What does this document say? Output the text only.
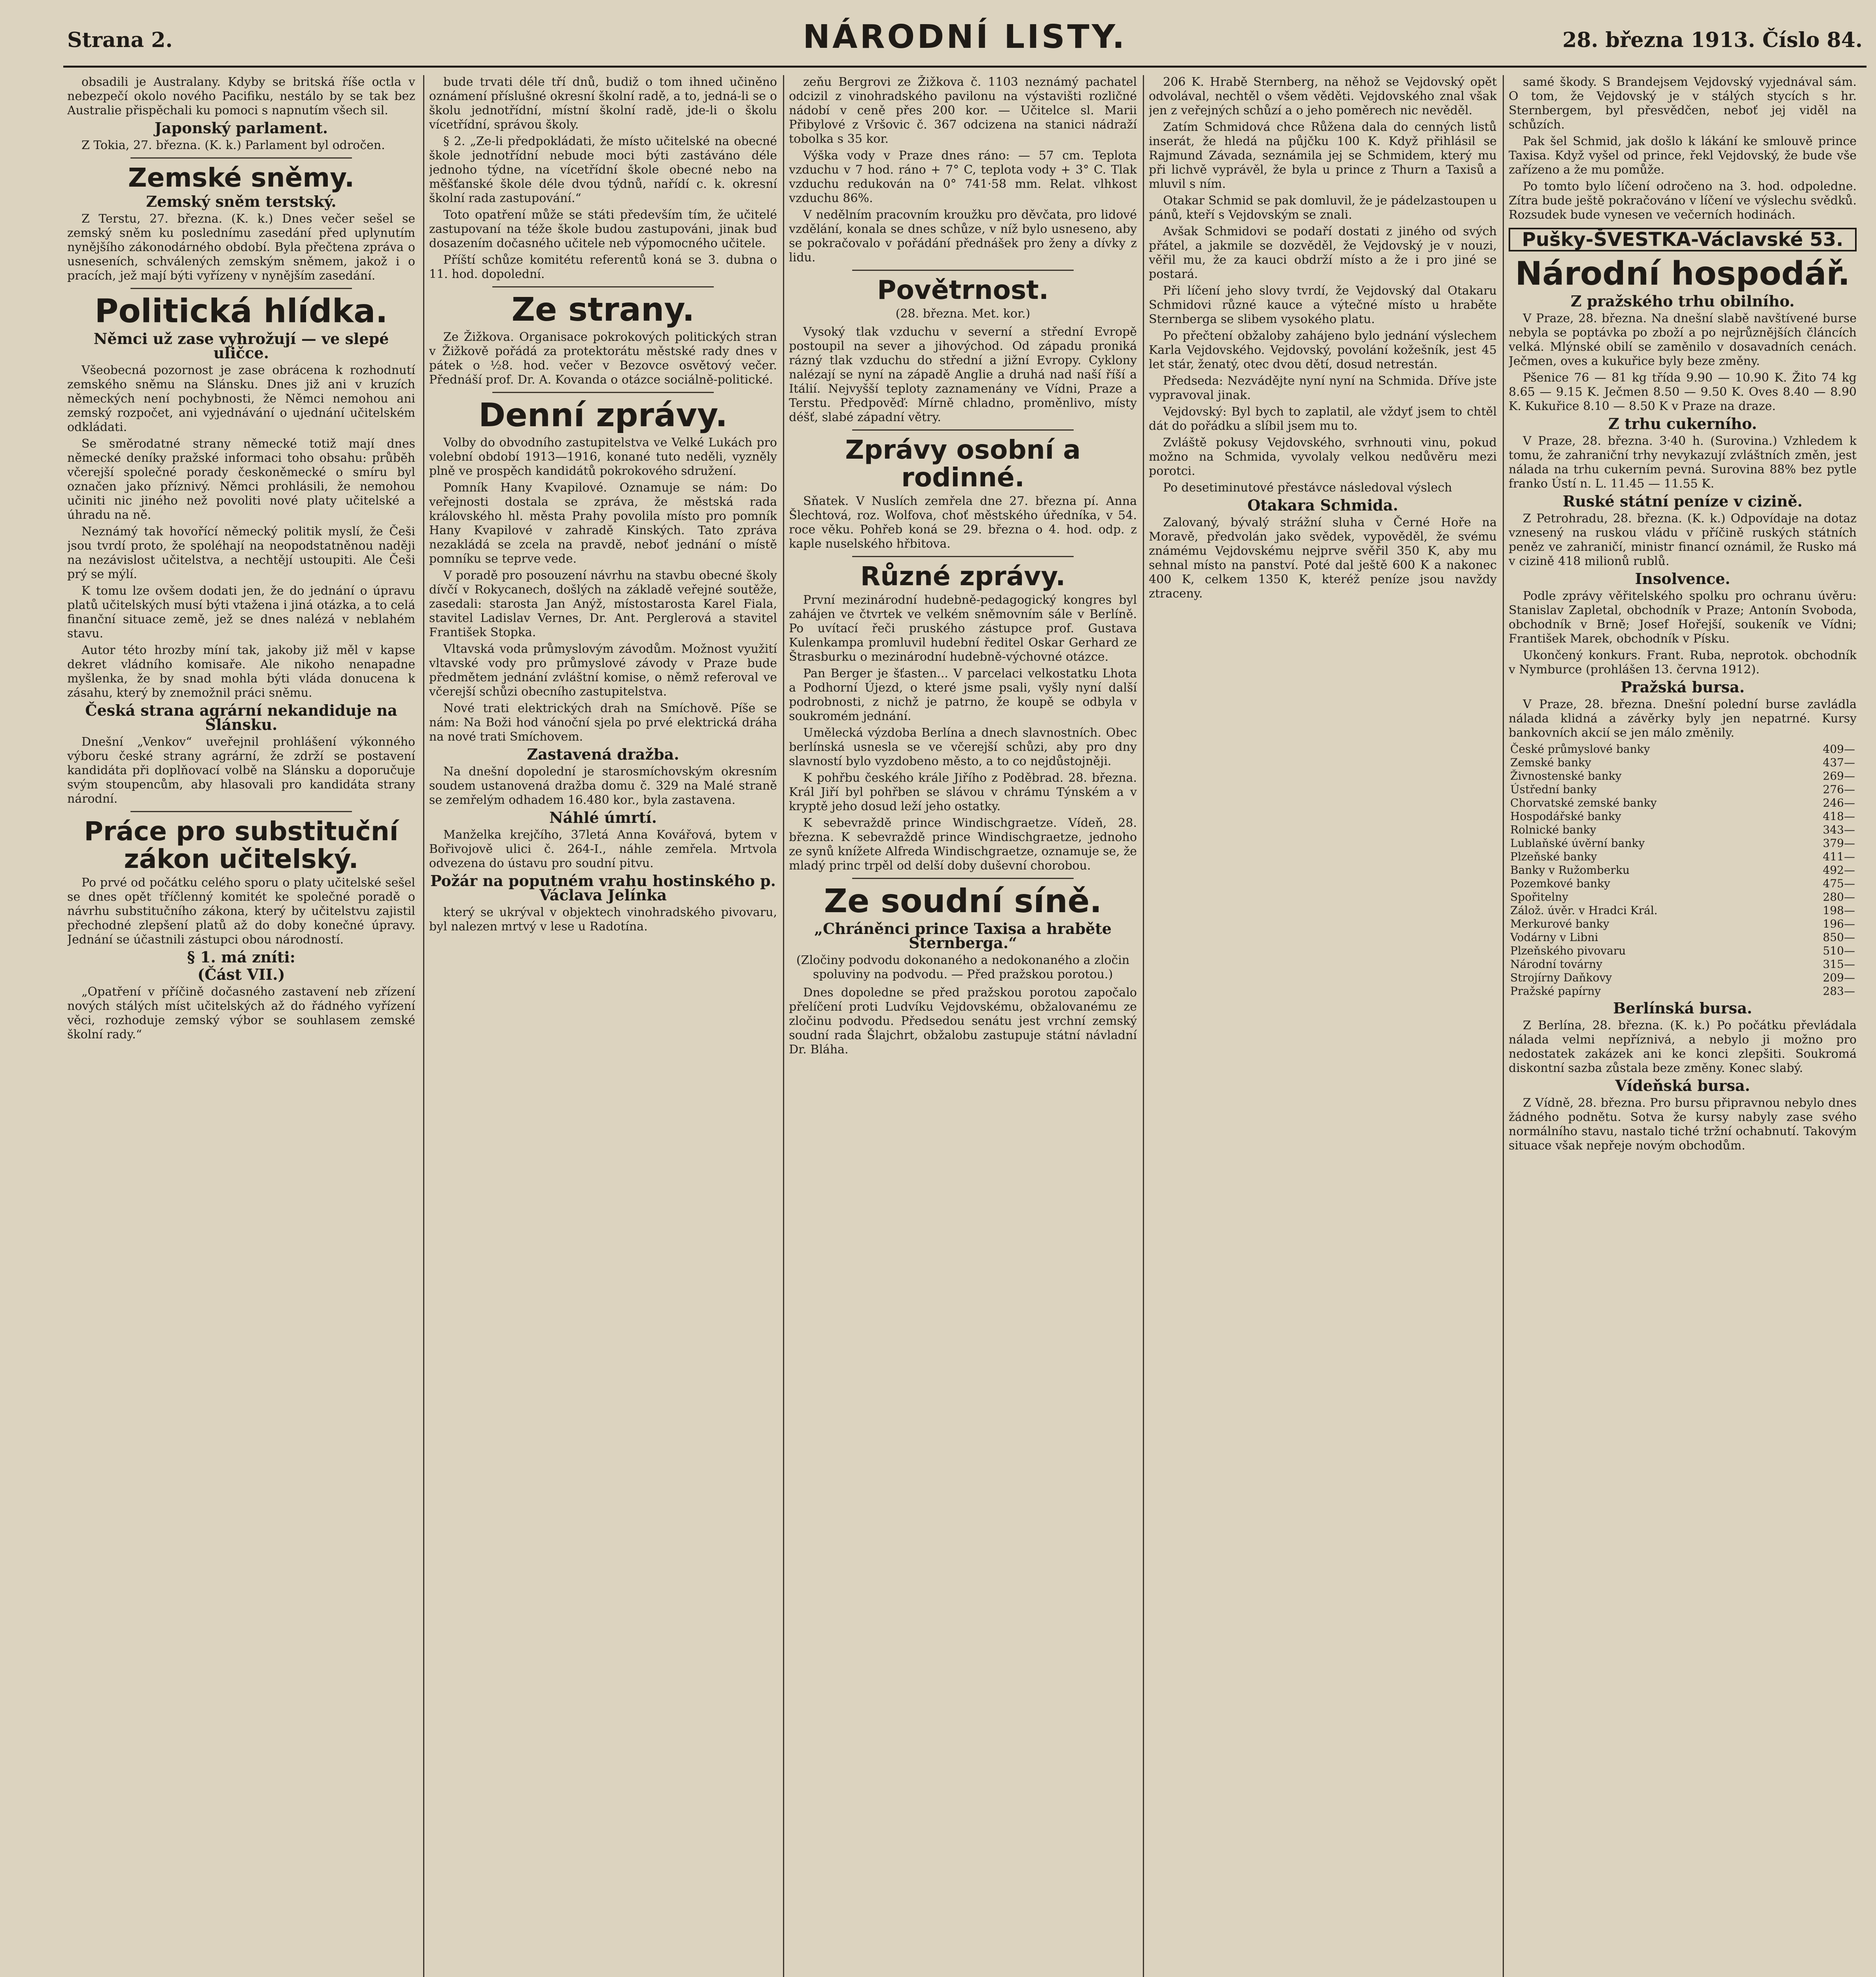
Strana 2.	NÁRODNÍ LISTY.	28. března 1913. Číslo 84.

obsadili je Australany. Kdyby se britská říše octla v nebezpečí okolo nového Pacifiku, nestálo by se tak bez Australie přispěchali ku pomoci s napnutím všech sil.

Japonský parlament.

Z Tokia, 27. března. (K. k.) Parlament byl odročen.

Zemské sněmy.
Zemský sněm terstský.

Z Terstu, 27. března. (K. k.) Dnes večer sešel se zemský sněm ku poslednímu zasedání před uplynutím nynějšího zákonodárného období. Byla přečtena zpráva o usneseních, schválených zemským sněmem, jakož i o pracích, jež mají býti vyřízeny v nynějším zasedání.

Politická hlídka.
Němci už zase vyhrožují — ve slepé uličce.

Všeobecná pozornost je zase obrácena k rozhodnutí zemského sněmu na Slánsku. Dnes již ani v kruzích německých není pochybnosti, že Němci nemohou ani zemský rozpočet, ani vyjednávání o ujednání učitelském odkládati.

Se směrodatné strany německé totiž mají dnes německé deníky pražské informaci toho obsahu: průběh včerejší společné porady českoněmecké o smíru byl označen jako příznivý. Němci prohlásili, že nemohou učiniti nic jiného než povoliti nové platy učitelské a úhradu na ně.

Neznámý tak hovořící německý politik myslí, že Češi jsou tvrdí proto, že spoléhají na neopodstatněnou naději na nezávislost učitelstva, a nechtějí ustoupiti. Ale Češi prý se mýlí.

K tomu lze ovšem dodati jen, že do jednání o úpravu platů učitelských musí býti vtažena i jiná otázka, a to celá finanční situace země, jež se dnes nalézá v neblahém stavu.

Autor této hrozby míní tak, jakoby již měl v kapse dekret vládního komisaře. Ale nikoho nenapadne myšlenka, že by snad mohla býti vláda donucena k zásahu, který by znemožnil práci sněmu.

Česká strana agrární nekandiduje na Slánsku.

Dnešní „Venkov“ uveřejnil prohlášení výkonného výboru české strany agrární, že zdrží se postavení kandidáta při doplňovací volbě na Slánsku a doporučuje svým stoupencům, aby hlasovali pro kandidáta strany národní.

Práce pro substituční zákon učitelský.

Po prvé od počátku celého sporu o platy učitelské sešel se dnes opět tříčlenný komitét ke společné poradě o návrhu substitučního zákona, který by učitelstvu zajistil přechodné zlepšení platů až do doby konečné úpravy. Jednání se účastnili zástupci obou národností.

§ 1. má zníti:
(Část VII.)

„Opatření v příčině dočasného zastavení neb zřízení nových stálých míst učitelských až do řádného vyřízení věci, rozhoduje zemský výbor se souhlasem zemské školní rady.“

bude trvati déle tří dnů, budiž o tom ihned učiněno oznámení příslušné okresní školní radě, a to, jedná-li se o školu jednotřídní, místní školní radě, jde-li o školu vícetřídní, správou školy.

§ 2. „Ze-li předpokládati, že místo učitelské na obecné škole jednotřídní nebude moci býti zastáváno déle jednoho týdne, na vícetřídní škole obecné nebo na měšťanské škole déle dvou týdnů, nařídí c. k. okresní školní rada zastupování.“

Toto opatření může se státi především tím, že učitelé zastupovaní na téže škole budou zastupováni, jinak buď dosazením dočasného učitele neb výpomocného učitele.

Příští schůze komitétu referentů koná se 3. dubna o 11. hod. dopolední.

Ze strany.

Ze Žižkova. Organisace pokrokových politických stran v Žižkově pořádá za protektorátu městské rady dnes v pátek o ½8. hod. večer v Bezovce osvětový večer. Přednáší prof. Dr. A. Kovanda o otázce sociálně-politické.

Denní zprávy.

Volby do obvodního zastupitelstva ve Velké Lukách pro volební období 1913—1916, konané tuto neděli, vyzněly plně ve prospěch kandidátů pokrokového sdružení.

Pomník Hany Kvapilové. Oznamuje se nám: Do veřejnosti dostala se zpráva, že městská rada královského hl. města Prahy povolila místo pro pomník Hany Kvapilové v zahradě Kinských. Tato zpráva nezakládá se zcela na pravdě, neboť jednání o místě pomníku se teprve vede.

V poradě pro posouzení návrhu na stavbu obecné školy dívčí v Rokycanech, došlých na základě veřejné soutěže, zasedali: starosta Jan Anýž, místostarosta Karel Fiala, stavitel Ladislav Vernes, Dr. Ant. Perglerová a stavitel František Stopka.

Vltavská voda průmyslovým závodům. Možnost využití vltavské vody pro průmyslové závody v Praze bude předmětem jednání zvláštní komise, o němž referoval ve včerejší schůzi obecního zastupitelstva.

Nové trati elektrických drah na Smíchově. Píše se nám: Na Boži hod vánoční sjela po prvé elektrická dráha na nové trati Smíchovem.

Zastavená dražba.

Na dnešní dopolední je starosmíchovským okresním soudem ustanovená dražba domu č. 329 na Malé straně se zemřelým odhadem 16.480 kor., byla zastavena.

Náhlé úmrtí.

Manželka krejčího, 37letá Anna Kovářová, bytem v Bořivojově ulici č. 264-I., náhle zemřela. Mrtvola odvezena do ústavu pro soudní pitvu.

Požár na poputném vrahu hostinského p. Václava Jelínka

který se ukrýval v objektech vinohradského pivovaru, byl nalezen mrtvý v lese u Radotína.

zeňu Bergrovi ze Žižkova č. 1103 neznámý pachatel odcizil z vinohradského pavilonu na výstavišti rozličné nádobí v ceně přes 200 kor. — Učitelce sl. Marii Přibylové z Vršovic č. 367 odcizena na stanici nádraží tobolka s 35 kor.

Výška vody v Praze dnes ráno: — 57 cm. Teplota vzduchu v 7 hod. ráno + 7° C, teplota vody + 3° C. Tlak vzduchu redukován na 0° 741·58 mm. Relat. vlhkost vzduchu 86%.

V nedělním pracovním kroužku pro děvčata, pro lidové vzdělání, konala se dnes schůze, v níž bylo usneseno, aby se pokračovalo v pořádání přednášek pro ženy a dívky z lidu.

Povětrnost.
(28. března. Met. kor.)

Vysoký tlak vzduchu v severní a střední Evropě postoupil na sever a jihovýchod. Od západu proniká rázný tlak vzduchu do střední a jižní Evropy. Cyklony nalézají se nyní na západě Anglie a druhá nad naší říší a Itálií. Nejvyšší teploty zaznamenány ve Vídni, Praze a Terstu. Předpověď: Mírně chladno, proměnlivo, místy déšť, slabé západní větry.

Zprávy osobní a rodinné.

Sňatek. V Nuslích zemřela dne 27. března pí. Anna Šlechtová, roz. Wolfova, choť městského úředníka, v 54. roce věku. Pohřeb koná se 29. března o 4. hod. odp. z kaple nuselského hřbitova.

Různé zprávy.

První mezinárodní hudebně-pedagogický kongres byl zahájen ve čtvrtek ve velkém sněmovním sále v Berlíně. Po uvítací řeči pruského zástupce prof. Gustava Kulenkampa promluvil hudební ředitel Oskar Gerhard ze Štrasburku o mezinárodní hudebně-výchovné otázce.

Pan Berger je šťasten... V parcelaci velkostatku Lhota a Podhorní Újezd, o které jsme psali, vyšly nyní další podrobnosti, z nichž je patrno, že koupě se odbyla v soukromém jednání.

Umělecká výzdoba Berlína a dnech slavnostních. Obec berlínská usnesla se ve včerejší schůzi, aby pro dny slavností bylo vyzdobeno město, a to co nejdůstojněji.

K pohřbu českého krále Jiřího z Poděbrad. 28. března. Král Jiří byl pohřben se slávou v chrámu Týnském a v kryptě jeho dosud leží jeho ostatky.

K sebevraždě prince Windischgraetze. Vídeň, 28. března. K sebevraždě prince Windischgraetze, jednoho ze synů knížete Alfreda Windischgraetze, oznamuje se, že mladý princ trpěl od delší doby duševní chorobou.

Ze soudní síně.
„Chráněnci prince Taxisa a hraběte Sternberga.“
(Zločiny podvodu dokonaného a nedokonaného a zločin spoluviny na podvodu. — Před pražskou porotou.)

Dnes dopoledne se před pražskou porotou započalo přelíčení proti Ludvíku Vejdovskému, obžalovanému ze zločinu podvodu. Předsedou senátu jest vrchní zemský soudní rada Šlajchrt, obžalobu zastupuje státní návladní Dr. Bláha.

206 K. Hrabě Sternberg, na něhož se Vejdovský opět odvolával, nechtěl o všem věděti. Vejdovského znal však jen z veřejných schůzí a o jeho poměrech nic nevěděl.

Zatím Schmidová chce Růžena dala do cenných listů inserát, že hledá na půjčku 100 K. Když přihlásil se Rajmund Závada, seznámila jej se Schmidem, který mu při lichvě vyprávěl, že byla u prince z Thurn a Taxisů a mluvil s ním.

Otakar Schmid se pak domluvil, že je pádelzastoupen u pánů, kteří s Vejdovským se znali.

Avšak Schmidovi se podaří dostati z jiného od svých přátel, a jakmile se dozvěděl, že Vejdovský je v nouzi, věřil mu, že za kauci obdrží místo a že i pro jiné se postará.

Při líčení jeho slovy tvrdí, že Vejdovský dal Otakaru Schmidovi různé kauce a výtečné místo u hraběte Sternberga se slibem vysokého platu.

Po přečtení obžaloby zahájeno bylo jednání výslechem Karla Vejdovského. Vejdovský, povolání kožešník, jest 45 let stár, ženatý, otec dvou dětí, dosud netrestán.

Předseda: Nezvádějte nyní nyní na Schmida. Dříve jste vypravoval jinak.

Vejdovský: Byl bych to zaplatil, ale vždyť jsem to chtěl dát do pořádku a slíbil jsem mu to.

Zvláště pokusy Vejdovského, svrhnouti vinu, pokud možno na Schmida, vyvolaly velkou nedůvěru mezi porotci.

Po desetiminutové přestávce následoval výslech

Otakara Schmida.

Zalovaný, bývalý strážní sluha v Černé Hoře na Moravě, předvolán jako svědek, vypověděl, že svému známému Vejdovskému nejprve svěřil 350 K, aby mu sehnal místo na panství. Poté dal ještě 600 K a nakonec 400 K, celkem 1350 K, kteréž peníze jsou navždy ztraceny.

samé škody. S Brandejsem Vejdovský vyjednával sám. O tom, že Vejdovský je v stálých stycích s hr. Sternbergem, byl přesvědčen, neboť jej viděl na schůzích.

Pak šel Schmid, jak došlo k lákání ke smlouvě prince Taxisa. Když vyšel od prince, řekl Vejdovský, že bude vše zařízeno a že mu pomůže.

Po tomto bylo líčení odročeno na 3. hod. odpoledne. Zítra bude ještě pokračováno v líčení ve výslechu svědků. Rozsudek bude vynesen ve večerních hodinách.

Pušky-ŠVESTKA-Václavské 53.
Národní hospodář.
Z pražského trhu obilního.

V Praze, 28. března. Na dnešní slabě navštívené burse nebyla se poptávka po zboží a po nejrůznějších článcích velká. Mlýnské obilí se zaměnilo v dosavadních cenách. Ječmen, oves a kukuřice byly beze změny.

Pšenice 76 — 81 kg třída 9.90 — 10.90 K. Žito 74 kg 8.65 — 9.15 K. Ječmen 8.50 — 9.50 K. Oves 8.40 — 8.90 K. Kukuřice 8.10 — 8.50 K v Praze na draze.

Z trhu cukerního.

V Praze, 28. března. 3·40 h. (Surovina.) Vzhledem k tomu, že zahraniční trhy nevykazují zvláštních změn, jest nálada na trhu cukerním pevná. Surovina 88% bez pytle franko Ústí n. L. 11.45 — 11.55 K.

Ruské státní peníze v cizině.

Z Petrohradu, 28. března. (K. k.) Odpovídaje na dotaz vznesený na ruskou vládu v příčině ruských státních peněz ve zahraničí, ministr financí oznámil, že Rusko má v cizině 418 milionů rublů.

Insolvence.

Podle zprávy věřitelského spolku pro ochranu úvěru: Stanislav Zapletal, obchodník v Praze; Antonín Svoboda, obchodník v Brně; Josef Hořejší, soukeník ve Vídni; František Marek, obchodník v Písku.

Ukončený konkurs. Frant. Ruba, neprotok. obchodník v Nymburce (prohlášen 13. června 1912).

Pražská bursa.

V Praze, 28. března. Dnešní polední burse zavládla nálada klidná a závěrky byly jen nepatrné. Kursy bankovních akcií se jen málo změnily.

České průmyslové banky	409—
Zemské banky	437—
Živnostenské banky	269—
Ústřední banky	276—
Chorvatské zemské banky	246—
Hospodářské banky	418—
Rolnické banky	343—
Lublaňské úvěrní banky	379—
Plzeňské banky	411—
Banky v Ružomberku	492—
Pozemkové banky	475—
Spořitelny	280—
Zálož. úvěr. v Hradci Král.	198—
Merkurové banky	196—
Vodárny v Libni	850—
Plzeňského pivovaru	510—
Národní továrny	315—
Strojírny Daňkovy	209—
Pražské papírny	283—
Berlínská bursa.

Z Berlína, 28. března. (K. k.) Po počátku převládala nálada velmi nepříznivá, a nebylo ji možno pro nedostatek zakázek ani ke konci zlepšiti. Soukromá diskontní sazba zůstala beze změny. Konec slabý.

Vídeňská bursa.

Z Vídně, 28. března. Pro bursu připravnou nebylo dnes žádného podnětu. Sotva že kursy nabyly zase svého normálního stavu, nastalo tiché tržní ochabnutí. Takovým situace však nepřeje novým obchodům.
